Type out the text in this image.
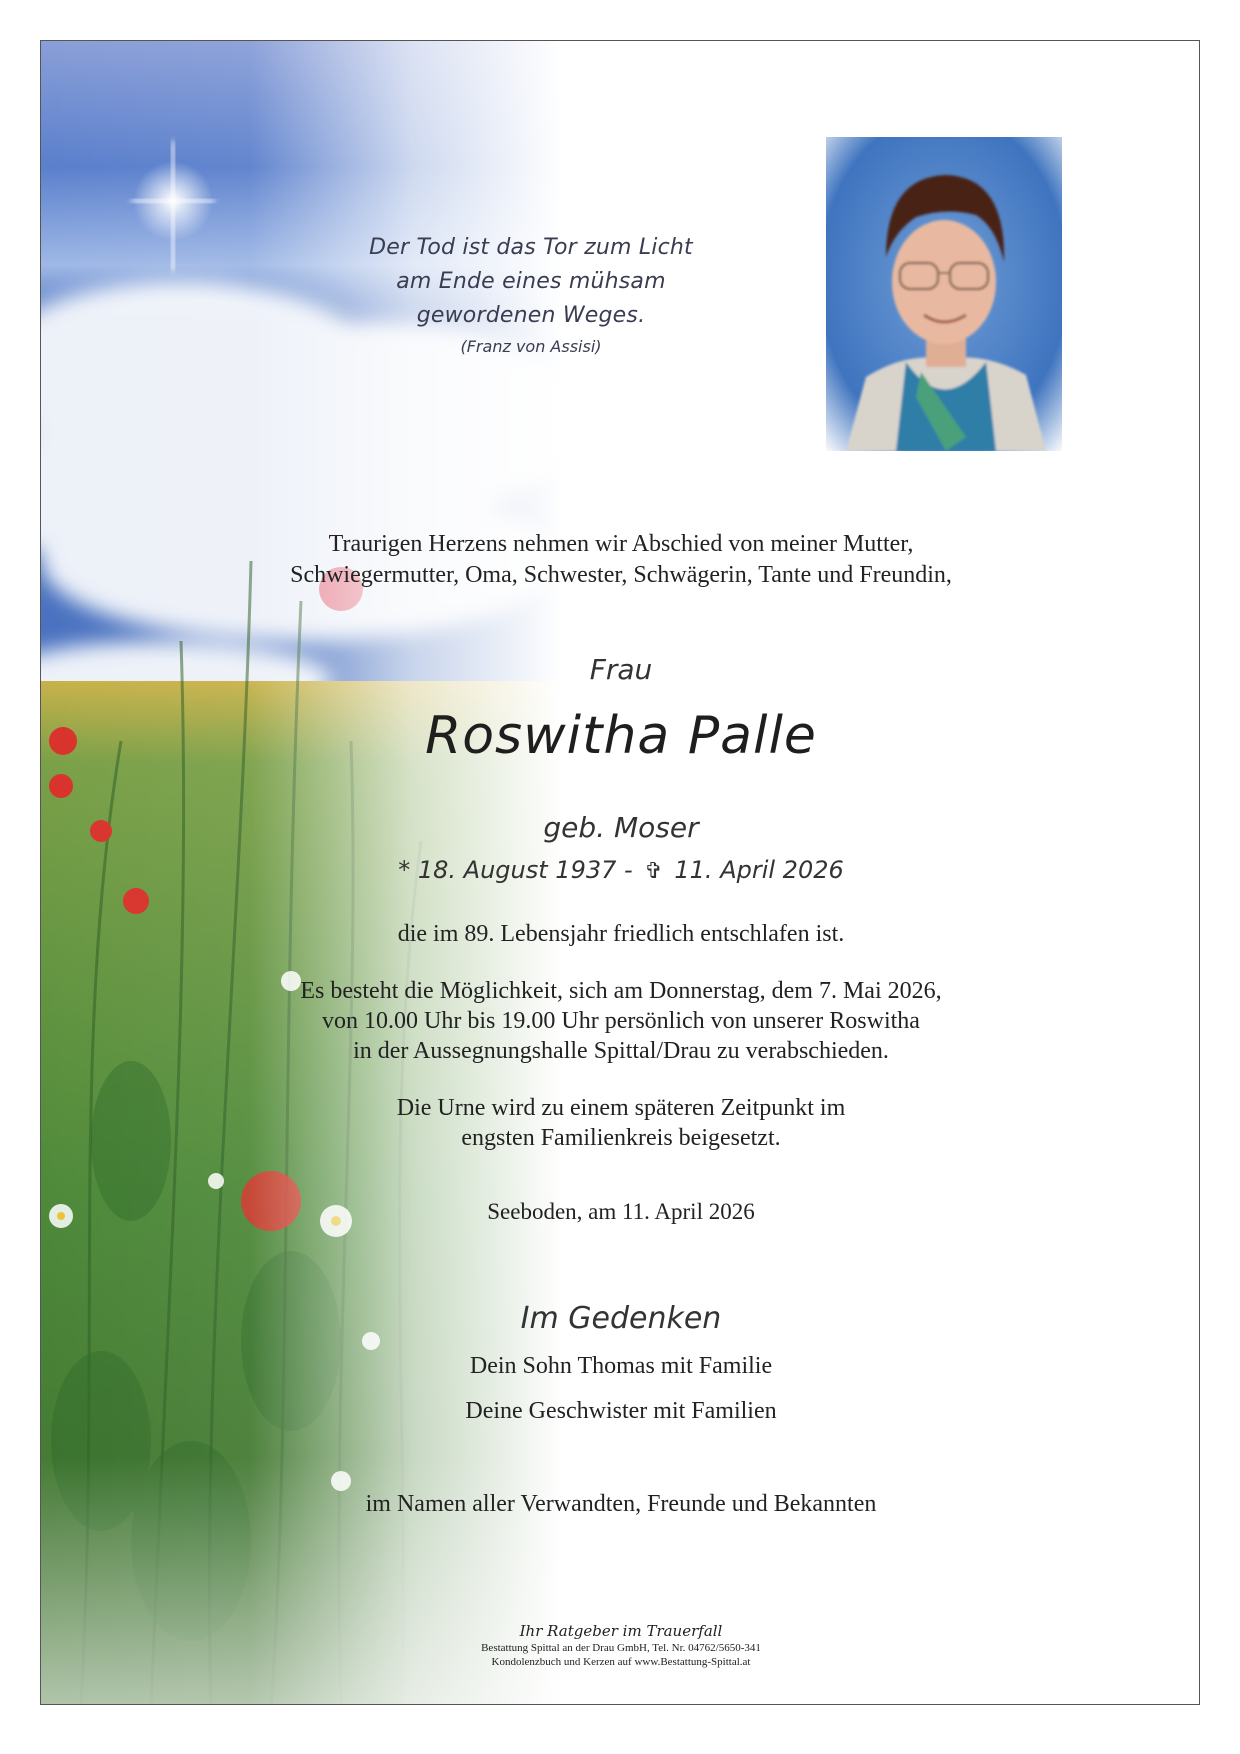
Der Tod ist das Tor zum Licht
am Ende eines mühsam
gewordenen Weges.
(Franz von Assisi)
Traurigen Herzens nehmen wir Abschied von meiner Mutter,
Schwiegermutter, Oma, Schwester, Schwägerin, Tante und Freundin,
Frau
Roswitha Palle
geb. Moser
* 18. August 1937 - ✞ 11. April 2026
die im 89. Lebensjahr friedlich entschlafen ist.
Es besteht die Möglichkeit, sich am Donnerstag, dem 7. Mai 2026,
von 10.00 Uhr bis 19.00 Uhr persönlich von unserer Roswitha
in der Aussegnungshalle Spittal/Drau zu verabschieden.
Die Urne wird zu einem späteren Zeitpunkt im
engsten Familienkreis beigesetzt.
Seeboden, am 11. April 2026
Im Gedenken
Dein Sohn Thomas mit Familie
Deine Geschwister mit Familien
im Namen aller Verwandten, Freunde und Bekannten
Ihr Ratgeber im Trauerfall
Bestattung Spittal an der Drau GmbH, Tel. Nr. 04762/5650-341
Kondolenzbuch und Kerzen auf www.Bestattung-Spittal.at
